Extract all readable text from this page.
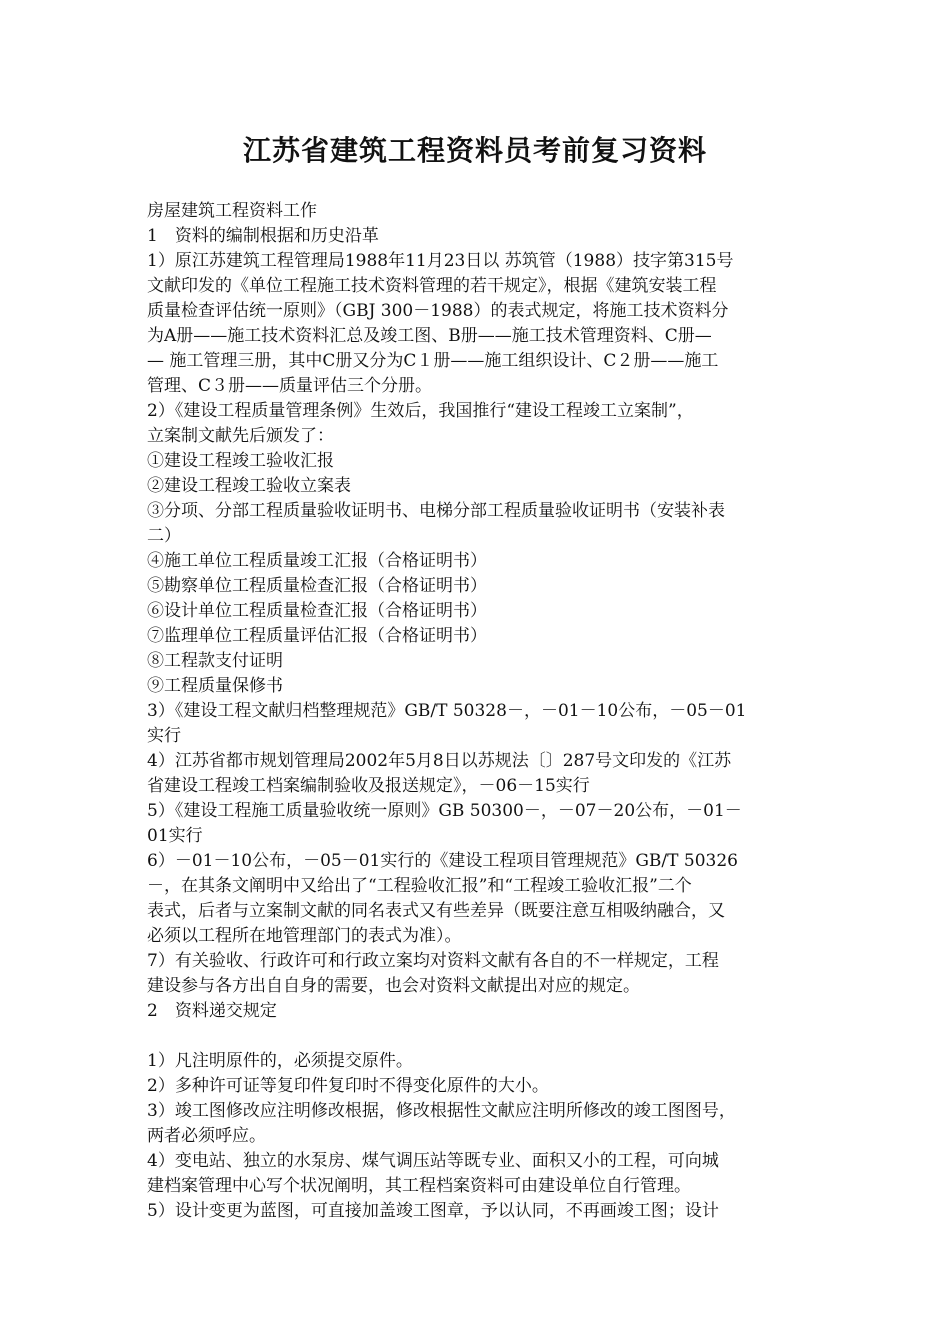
江苏省建筑工程资料员考前复习资料
房屋建筑工程资料工作
1　资料的编制根据和历史沿革
1）原江苏建筑工程管理局1988年11月23日以 苏筑管（1988）技字第315号
文献印发的《单位工程施工技术资料管理的若干规定》，根据《建筑安装工程
质量检查评估统一原则》（GBJ 300－1988）的表式规定，将施工技术资料分
为A册——施工技术资料汇总及竣工图、B册——施工技术管理资料、C册—
— 施工管理三册，其中C册又分为C１册——施工组织设计、C２册——施工
管理、C３册——质量评估三个分册。
2）《建设工程质量管理条例》生效后，我国推行“建设工程竣工立案制”，
立案制文献先后颁发了：
①建设工程竣工验收汇报
②建设工程竣工验收立案表
③分项、分部工程质量验收证明书、电梯分部工程质量验收证明书（安装补表
二）
④施工单位工程质量竣工汇报（合格证明书）
⑤勘察单位工程质量检查汇报（合格证明书）
⑥设计单位工程质量检查汇报（合格证明书）
⑦监理单位工程质量评估汇报（合格证明书）
⑧工程款支付证明
⑨工程质量保修书
3）《建设工程文献归档整理规范》GB/T 50328－，－01－10公布，－05－01
实行
4）江苏省都市规划管理局2002年5月8日以苏规法〔〕287号文印发的《江苏
省建设工程竣工档案编制验收及报送规定》，－06－15实行
5）《建设工程施工质量验收统一原则》GB 50300－，－07－20公布，－01－
01实行
6）－01－10公布，－05－01实行的《建设工程项目管理规范》GB/T 50326
－，在其条文阐明中又给出了“工程验收汇报”和“工程竣工验收汇报”二个
表式，后者与立案制文献的同名表式又有些差异（既要注意互相吸纳融合，又
必须以工程所在地管理部门的表式为准）。
7）有关验收、行政许可和行政立案均对资料文献有各自的不一样规定，工程
建设参与各方出自自身的需要，也会对资料文献提出对应的规定。
2　资料递交规定
1）凡注明原件的，必须提交原件。
2）多种许可证等复印件复印时不得变化原件的大小。
3）竣工图修改应注明修改根据，修改根据性文献应注明所修改的竣工图图号，
两者必须呼应。
4）变电站、独立的水泵房、煤气调压站等既专业、面积又小的工程，可向城
建档案管理中心写个状况阐明，其工程档案资料可由建设单位自行管理。
5）设计变更为蓝图，可直接加盖竣工图章，予以认同，不再画竣工图；设计
